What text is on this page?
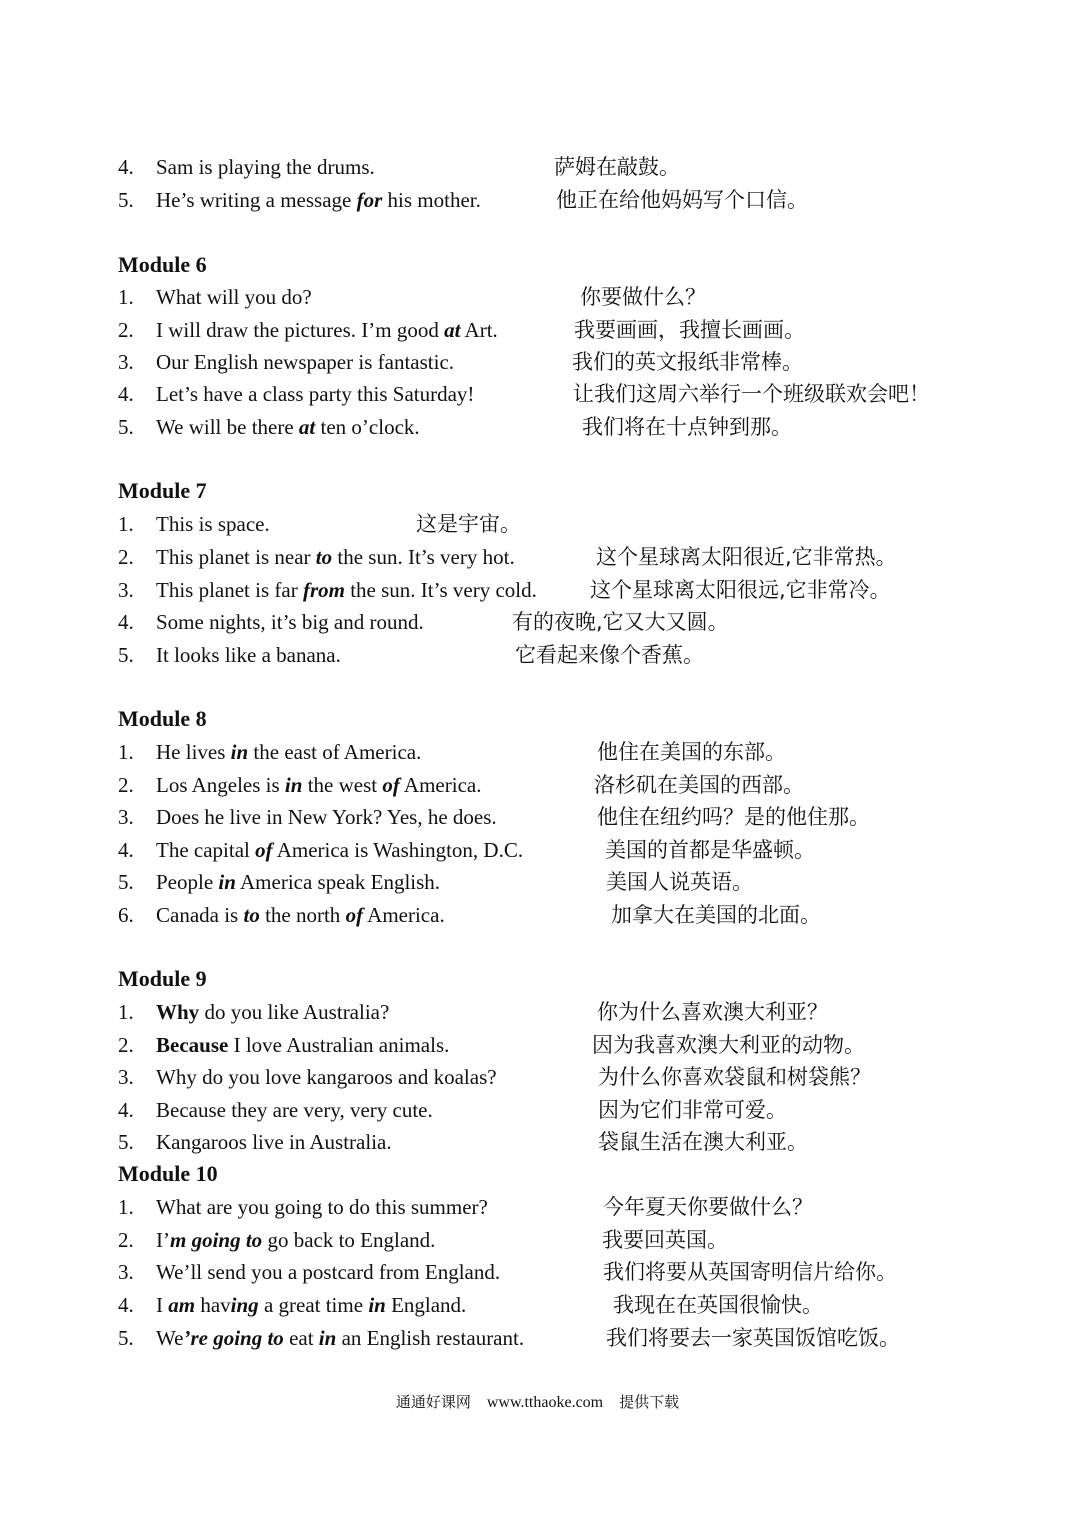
4.	Sam is playing the drums.	萨姆在敲鼓。
5.	He’s writing a message for his mother.	他正在给他妈妈写个口信。
Module 6
1.	What will you do?	你要做什么？
2.	I will draw the pictures. I’m good at Art.	我要画画，我擅长画画。
3.	Our English newspaper is fantastic.	我们的英文报纸非常棒。
4.	Let’s have a class party this Saturday!	让我们这周六举行一个班级联欢会吧！
5.	We will be there at ten o’clock.	我们将在十点钟到那。
Module 7
1.	This is space.	这是宇宙。
2.	This planet is near to the sun. It’s very hot.	这个星球离太阳很近,它非常热。
3.	This planet is far from the sun. It’s very cold.	这个星球离太阳很远,它非常冷。
4.	Some nights, it’s big and round.	有的夜晚,它又大又圆。
5.	It looks like a banana.	它看起来像个香蕉。
Module 8
1.	He lives in the east of America.	他住在美国的东部。
2.	Los Angeles is in the west of America.	洛杉矶在美国的西部。
3.	Does he live in New York? Yes, he does.	他住在纽约吗？是的他住那。
4.	The capital of America is Washington, D.C.	美国的首都是华盛顿。
5.	People in America speak English.	美国人说英语。
6.	Canada is to the north of America.	加拿大在美国的北面。
Module 9
1.	Why do you like Australia?	你为什么喜欢澳大利亚？
2.	Because I love Australian animals.	因为我喜欢澳大利亚的动物。
3.	Why do you love kangaroos and koalas?	为什么你喜欢袋鼠和树袋熊？
4.	Because they are very, very cute.	因为它们非常可爱。
5.	Kangaroos live in Australia.	袋鼠生活在澳大利亚。
Module 10
1.	What are you going to do this summer?	今年夏天你要做什么？
2.	I’m going to go back to England.	我要回英国。
3.	We’ll send you a postcard from England.	我们将要从英国寄明信片给你。
4.	I am having a great time in England.	我现在在英国很愉快。
5.	We’re going to eat in an English restaurant.	我们将要去一家英国饭馆吃饭。
通通好课网 www.tthaoke.com 提供下载
